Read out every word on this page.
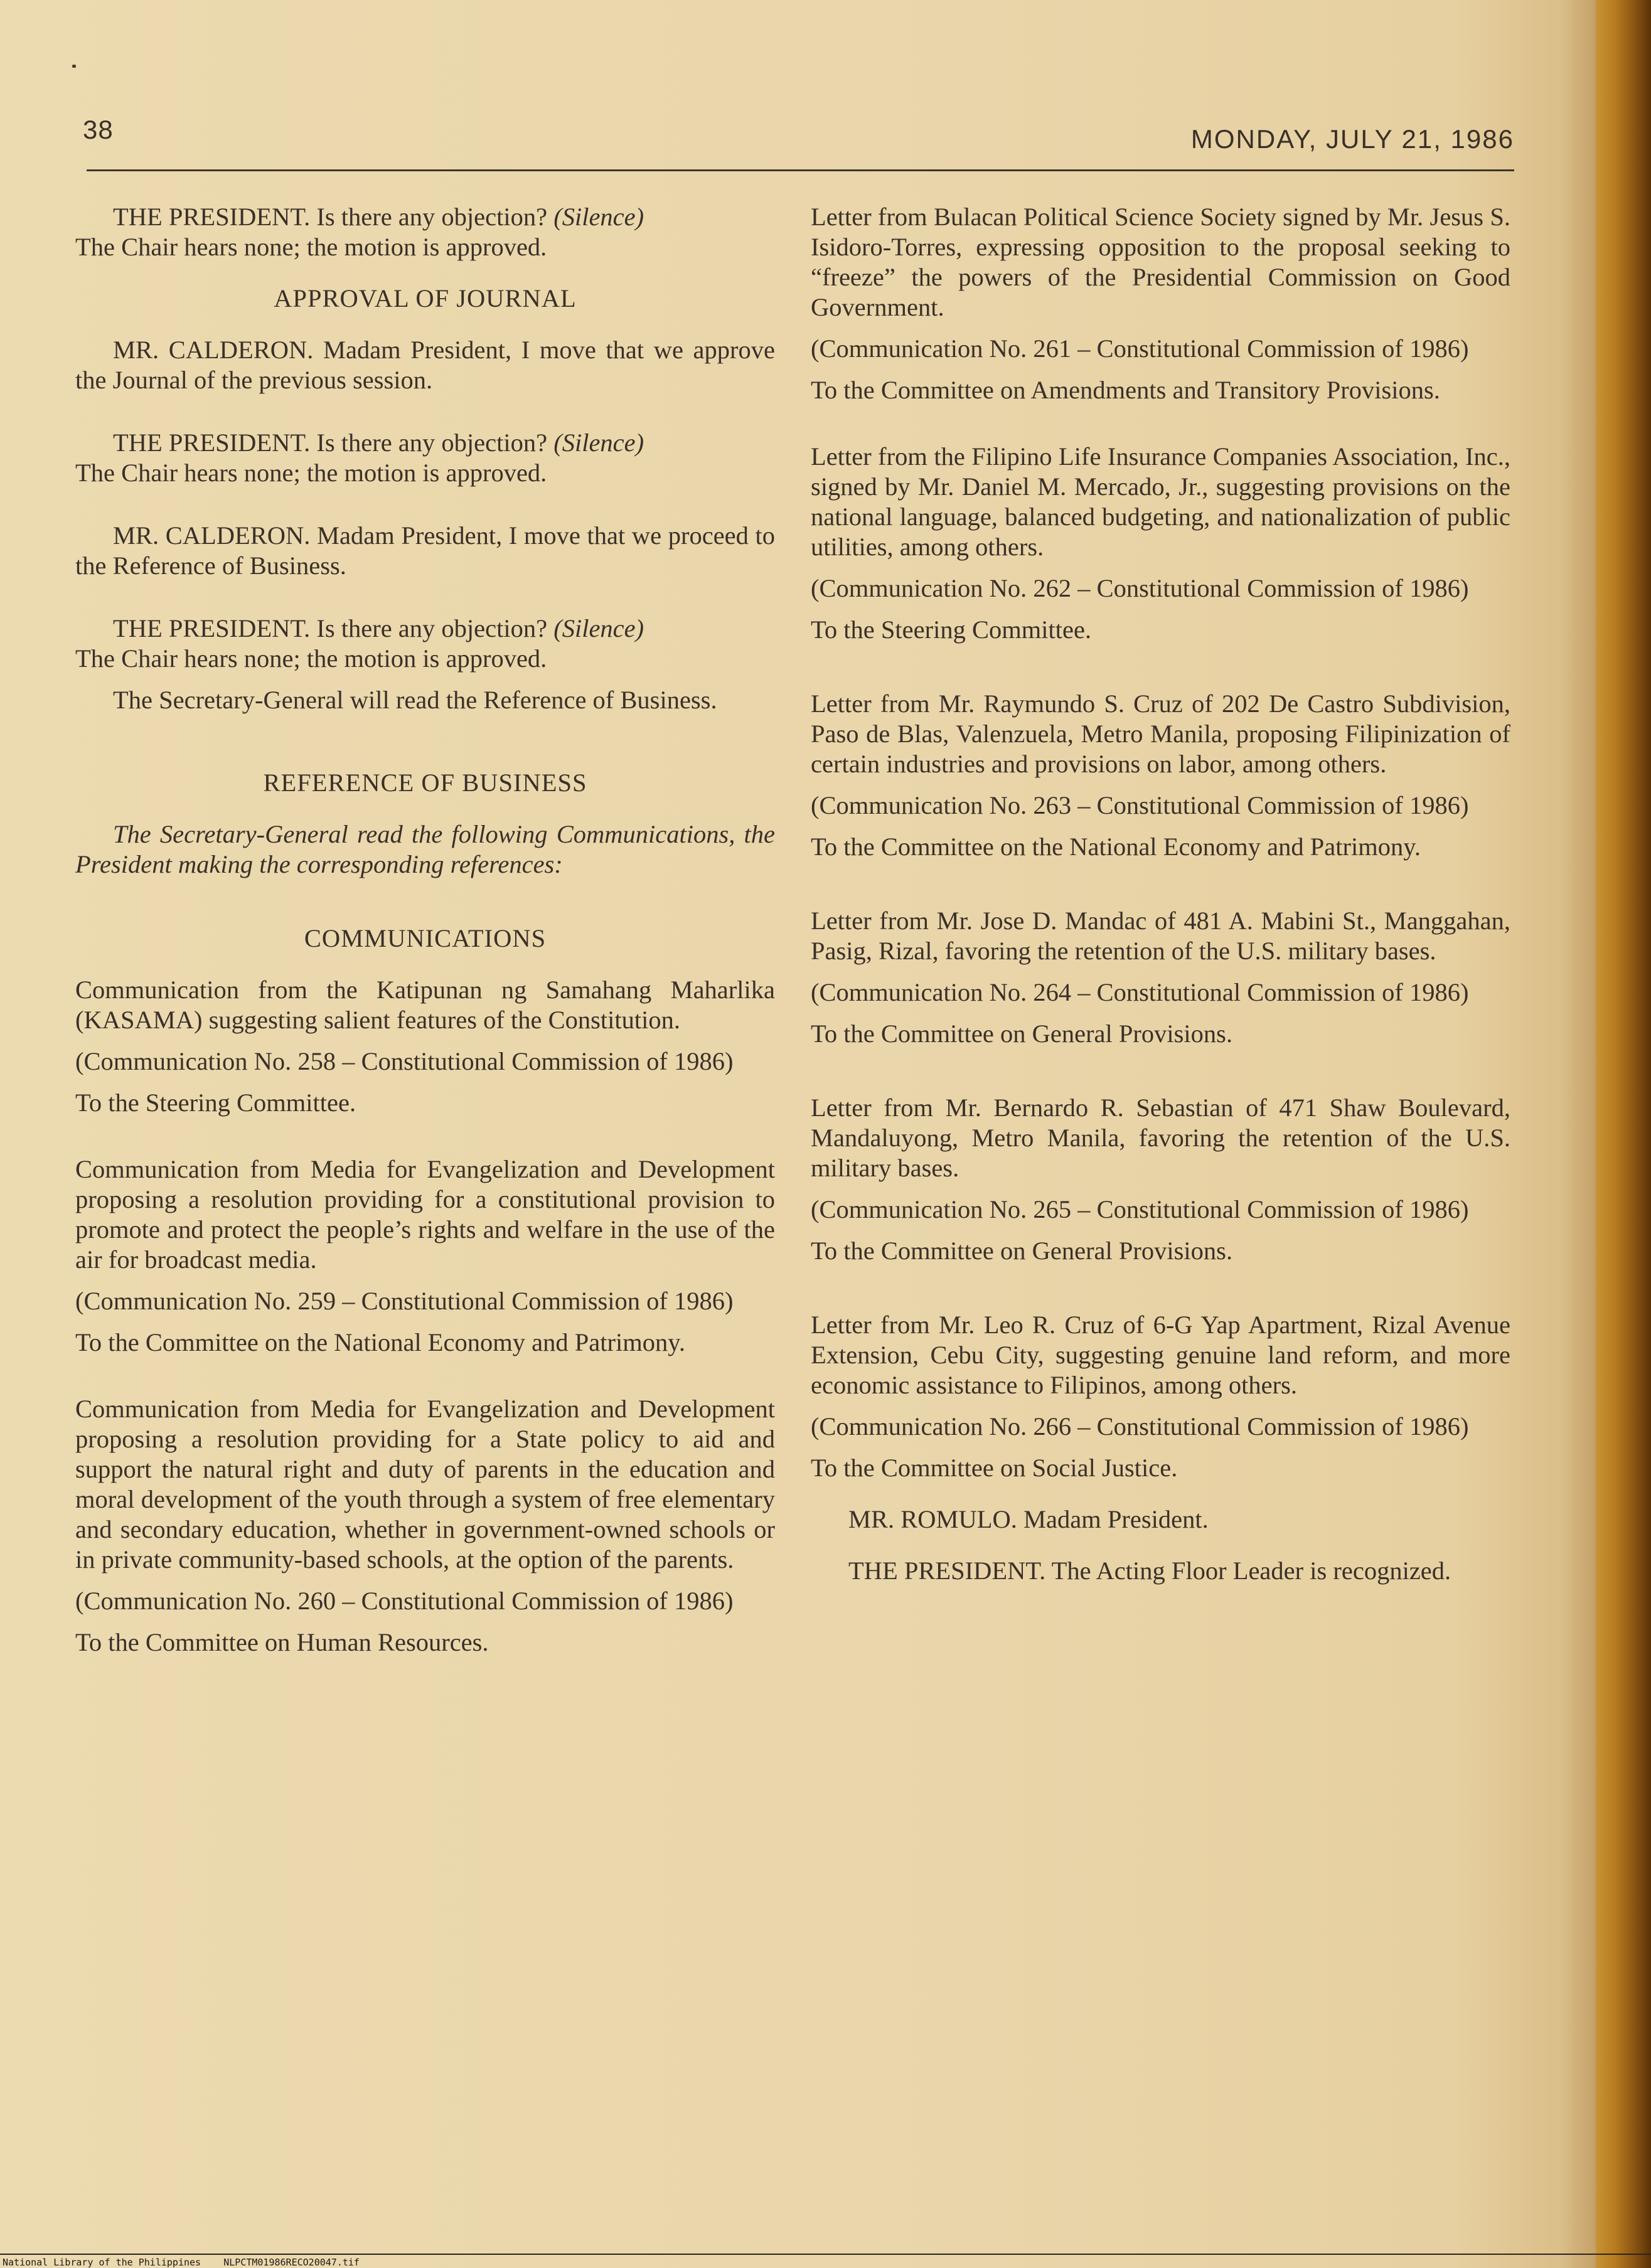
38	MONDAY, JULY 21, 1986

THE PRESIDENT. Is there any objection? (Silence)
The Chair hears none; the motion is approved.

APPROVAL OF JOURNAL

MR. CALDERON. Madam President, I move that we approve the Journal of the previous session.

THE PRESIDENT. Is there any objection? (Silence)
The Chair hears none; the motion is approved.

MR. CALDERON. Madam President, I move that we proceed to the Reference of Business.

THE PRESIDENT. Is there any objection? (Silence)
The Chair hears none; the motion is approved.

The Secretary-General will read the Reference of Business.

REFERENCE OF BUSINESS

The Secretary-General read the following Communications, the President making the corresponding references:

COMMUNICATIONS

Communication from the Katipunan ng Samahang Maharlika (KASAMA) suggesting salient features of the Constitution.

(Communication No. 258 – Constitutional Commission of 1986)

To the Steering Committee.

Communication from Media for Evangelization and Development proposing a resolution providing for a constitutional provision to promote and protect the people’s rights and welfare in the use of the air for broadcast media.

(Communication No. 259 – Constitutional Commission of 1986)

To the Committee on the National Economy and Patrimony.

Communication from Media for Evangelization and Development proposing a resolution providing for a State policy to aid and support the natural right and duty of parents in the education and moral development of the youth through a system of free elementary and secondary education, whether in government-owned schools or in private community-based schools, at the option of the parents.

(Communication No. 260 – Constitutional Commission of 1986)

To the Committee on Human Resources.

Letter from Bulacan Political Science Society signed by Mr. Jesus S. Isidoro-Torres, expressing opposition to the proposal seeking to “freeze” the powers of the Presidential Commission on Good Government.

(Communication No. 261 – Constitutional Commission of 1986)

To the Committee on Amendments and Transitory Provisions.

Letter from the Filipino Life Insurance Companies Association, Inc., signed by Mr. Daniel M. Mercado, Jr., suggesting provisions on the national language, balanced budgeting, and nationalization of public utilities, among others.

(Communication No. 262 – Constitutional Commission of 1986)

To the Steering Committee.

Letter from Mr. Raymundo S. Cruz of 202 De Castro Subdivision, Paso de Blas, Valenzuela, Metro Manila, proposing Filipinization of certain industries and provisions on labor, among others.

(Communication No. 263 – Constitutional Commission of 1986)

To the Committee on the National Economy and Patrimony.

Letter from Mr. Jose D. Mandac of 481 A. Mabini St., Manggahan, Pasig, Rizal, favoring the retention of the U.S. military bases.

(Communication No. 264 – Constitutional Commission of 1986)

To the Committee on General Provisions.

Letter from Mr. Bernardo R. Sebastian of 471 Shaw Boulevard, Mandaluyong, Metro Manila, favoring the retention of the U.S. military bases.

(Communication No. 265 – Constitutional Commission of 1986)

To the Committee on General Provisions.

Letter from Mr. Leo R. Cruz of 6-G Yap Apartment, Rizal Avenue Extension, Cebu City, suggesting genuine land reform, and more economic assistance to Filipinos, among others.

(Communication No. 266 – Constitutional Commission of 1986)

To the Committee on Social Justice.

MR. ROMULO. Madam President.

THE PRESIDENT. The Acting Floor Leader is recognized.

National Library of the Philippines NLPCTM01986RECO20047.tif
